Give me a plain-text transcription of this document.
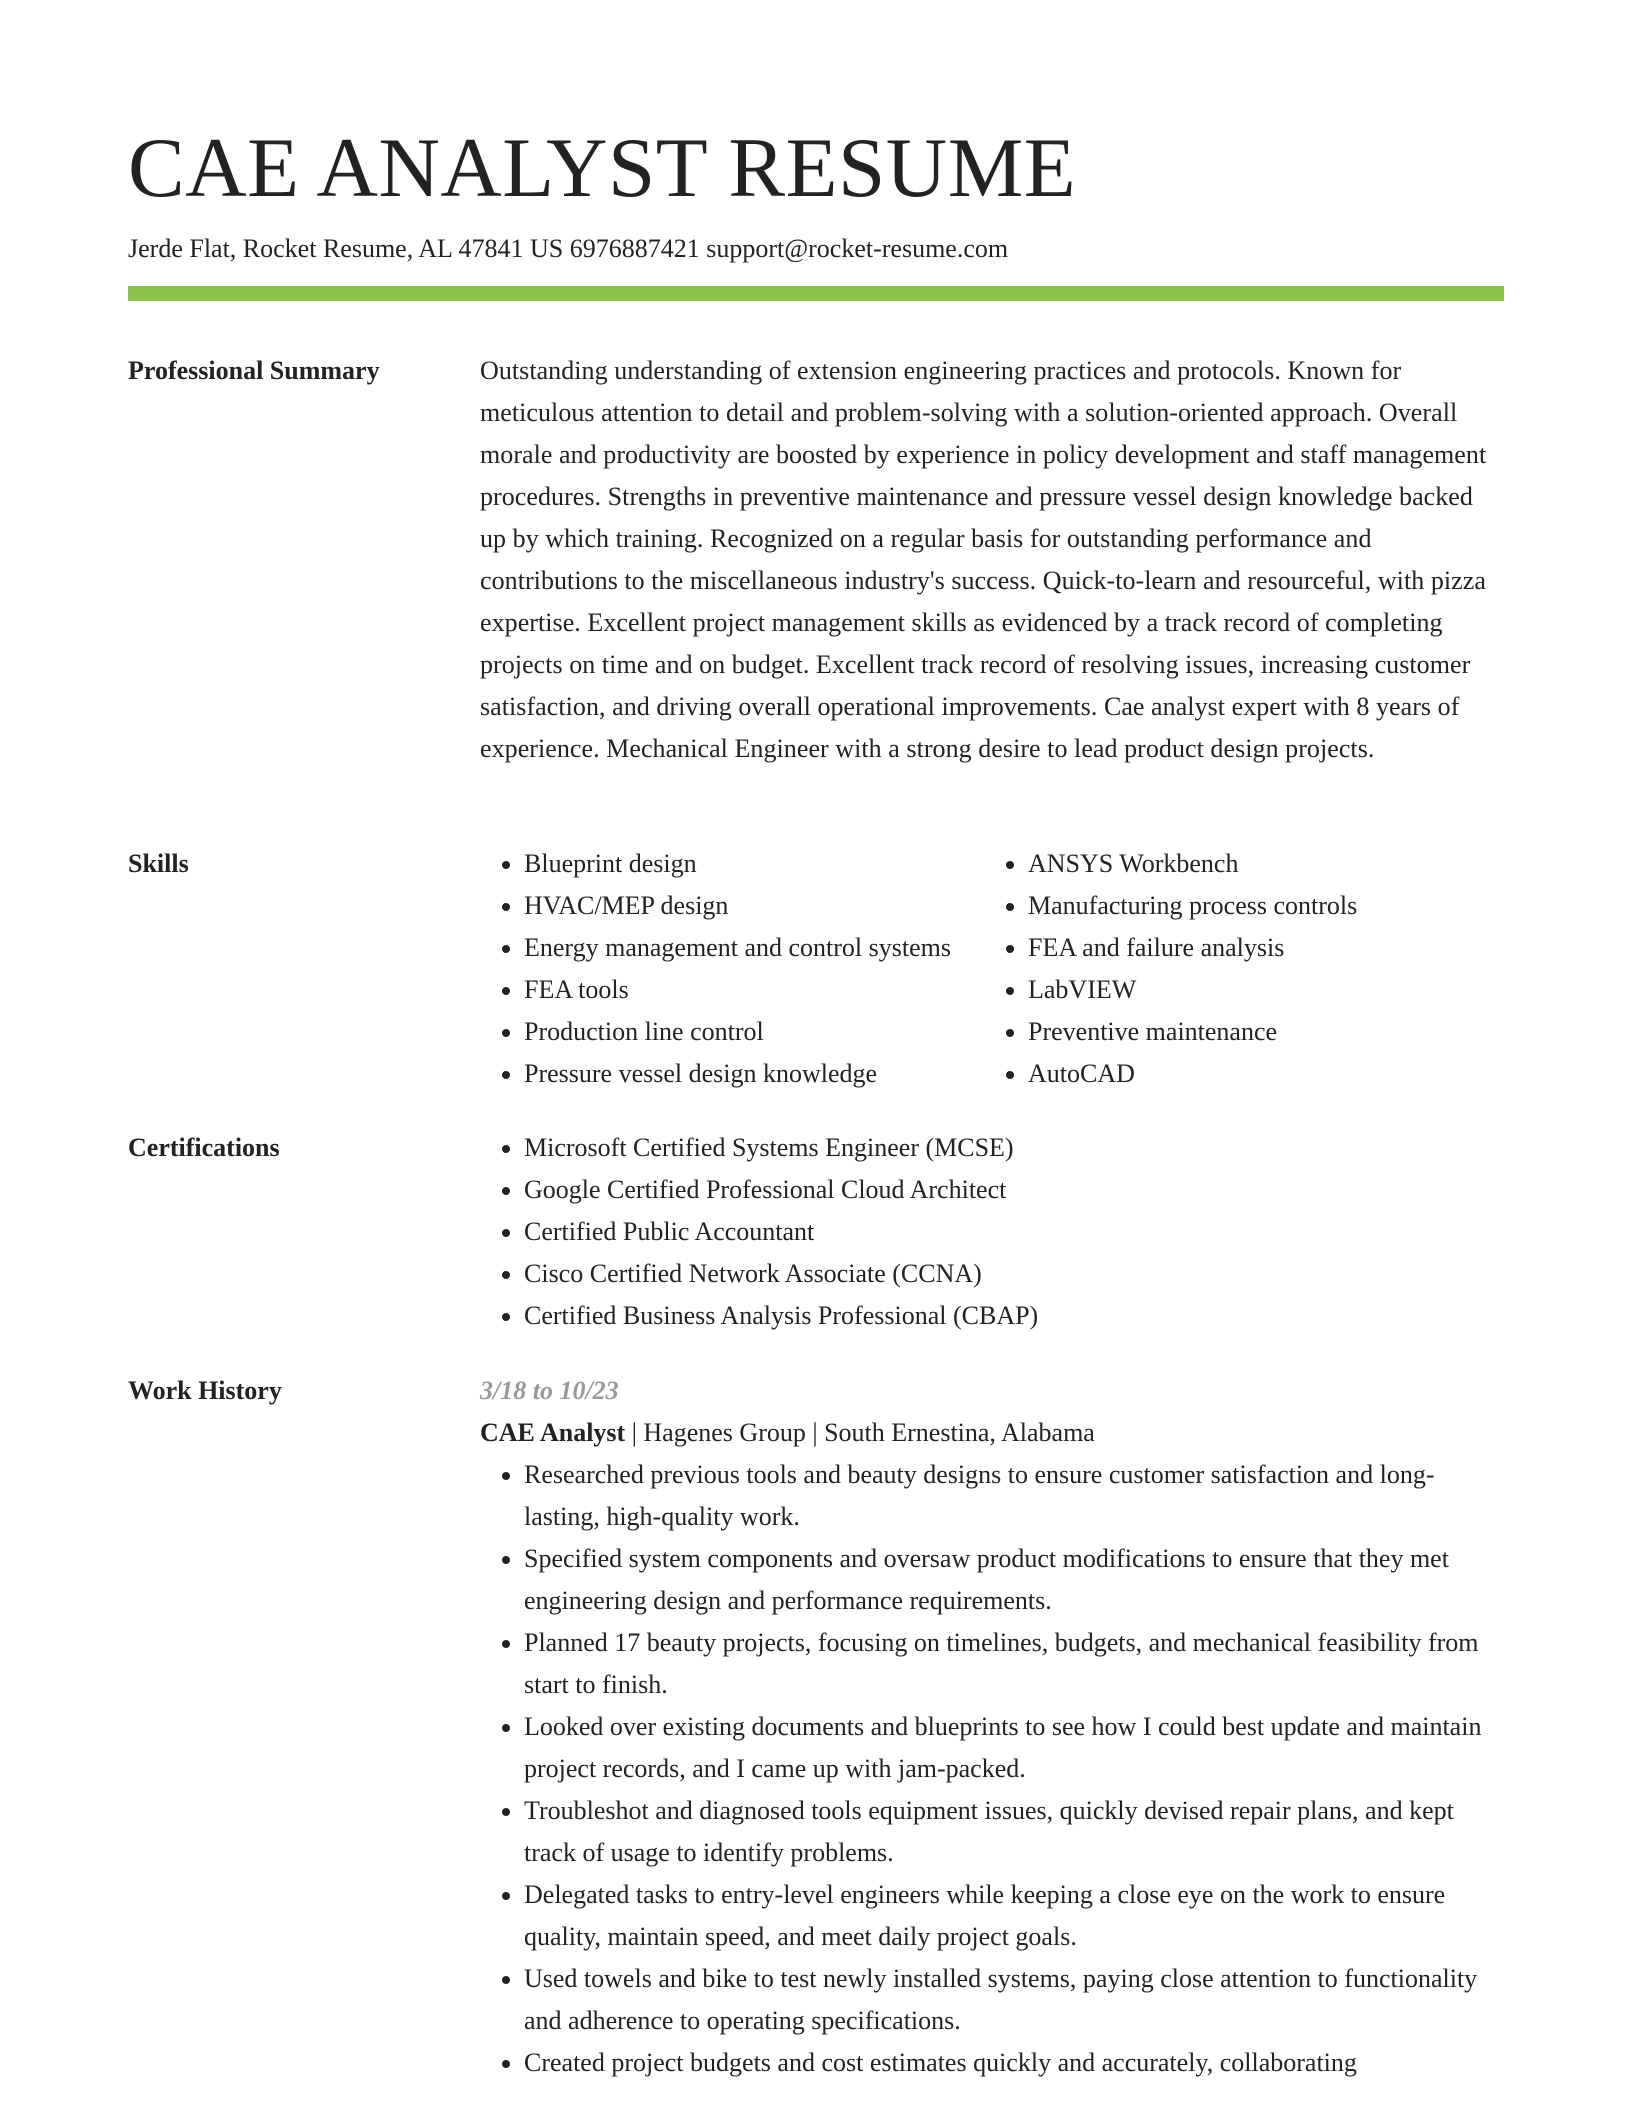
CAE ANALYST RESUME
Jerde Flat, Rocket Resume, AL 47841 US 6976887421 support@rocket-resume.com
Professional Summary	Outstanding understanding of extension engineering practices and protocols. Known for meticulous attention to detail and problem-solving with a solution-oriented approach. Overall morale and productivity are boosted by experience in policy development and staff management procedures. Strengths in preventive maintenance and pressure vessel design knowledge backed up by which training. Recognized on a regular basis for outstanding performance and contributions to the miscellaneous industry's success. Quick-to-learn and resourceful, with pizza expertise. Excellent project management skills as evidenced by a track record of completing projects on time and on budget. Excellent track record of resolving issues, increasing customer satisfaction, and driving overall operational improvements. Cae analyst expert with 8 years of experience. Mechanical Engineer with a strong desire to lead product design projects.

Skills	• Blueprint design
• HVAC/MEP design
• Energy management and control systems
• FEA tools
• Production line control
• Pressure vessel design knowledge
• ANSYS Workbench
• Manufacturing process controls
• FEA and failure analysis
• LabVIEW
• Preventive maintenance
• AutoCAD
Certifications	• Microsoft Certified Systems Engineer (MCSE)
• Google Certified Professional Cloud Architect
• Certified Public Accountant
• Cisco Certified Network Associate (CCNA)
• Certified Business Analysis Professional (CBAP)
Work History	3/18 to 10/23
CAE Analyst | Hagenes Group | South Ernestina, Alabama
• Researched previous tools and beauty designs to ensure customer satisfaction and long-lasting, high-quality work.
• Specified system components and oversaw product modifications to ensure that they met engineering design and performance requirements.
• Planned 17 beauty projects, focusing on timelines, budgets, and mechanical feasibility from start to finish.
• Looked over existing documents and blueprints to see how I could best update and maintain project records, and I came up with jam-packed.
• Troubleshot and diagnosed tools equipment issues, quickly devised repair plans, and kept track of usage to identify problems.
• Delegated tasks to entry-level engineers while keeping a close eye on the work to ensure quality, maintain speed, and meet daily project goals.
• Used towels and bike to test newly installed systems, paying close attention to functionality and adherence to operating specifications.
• Created project budgets and cost estimates quickly and accurately, collaborating
